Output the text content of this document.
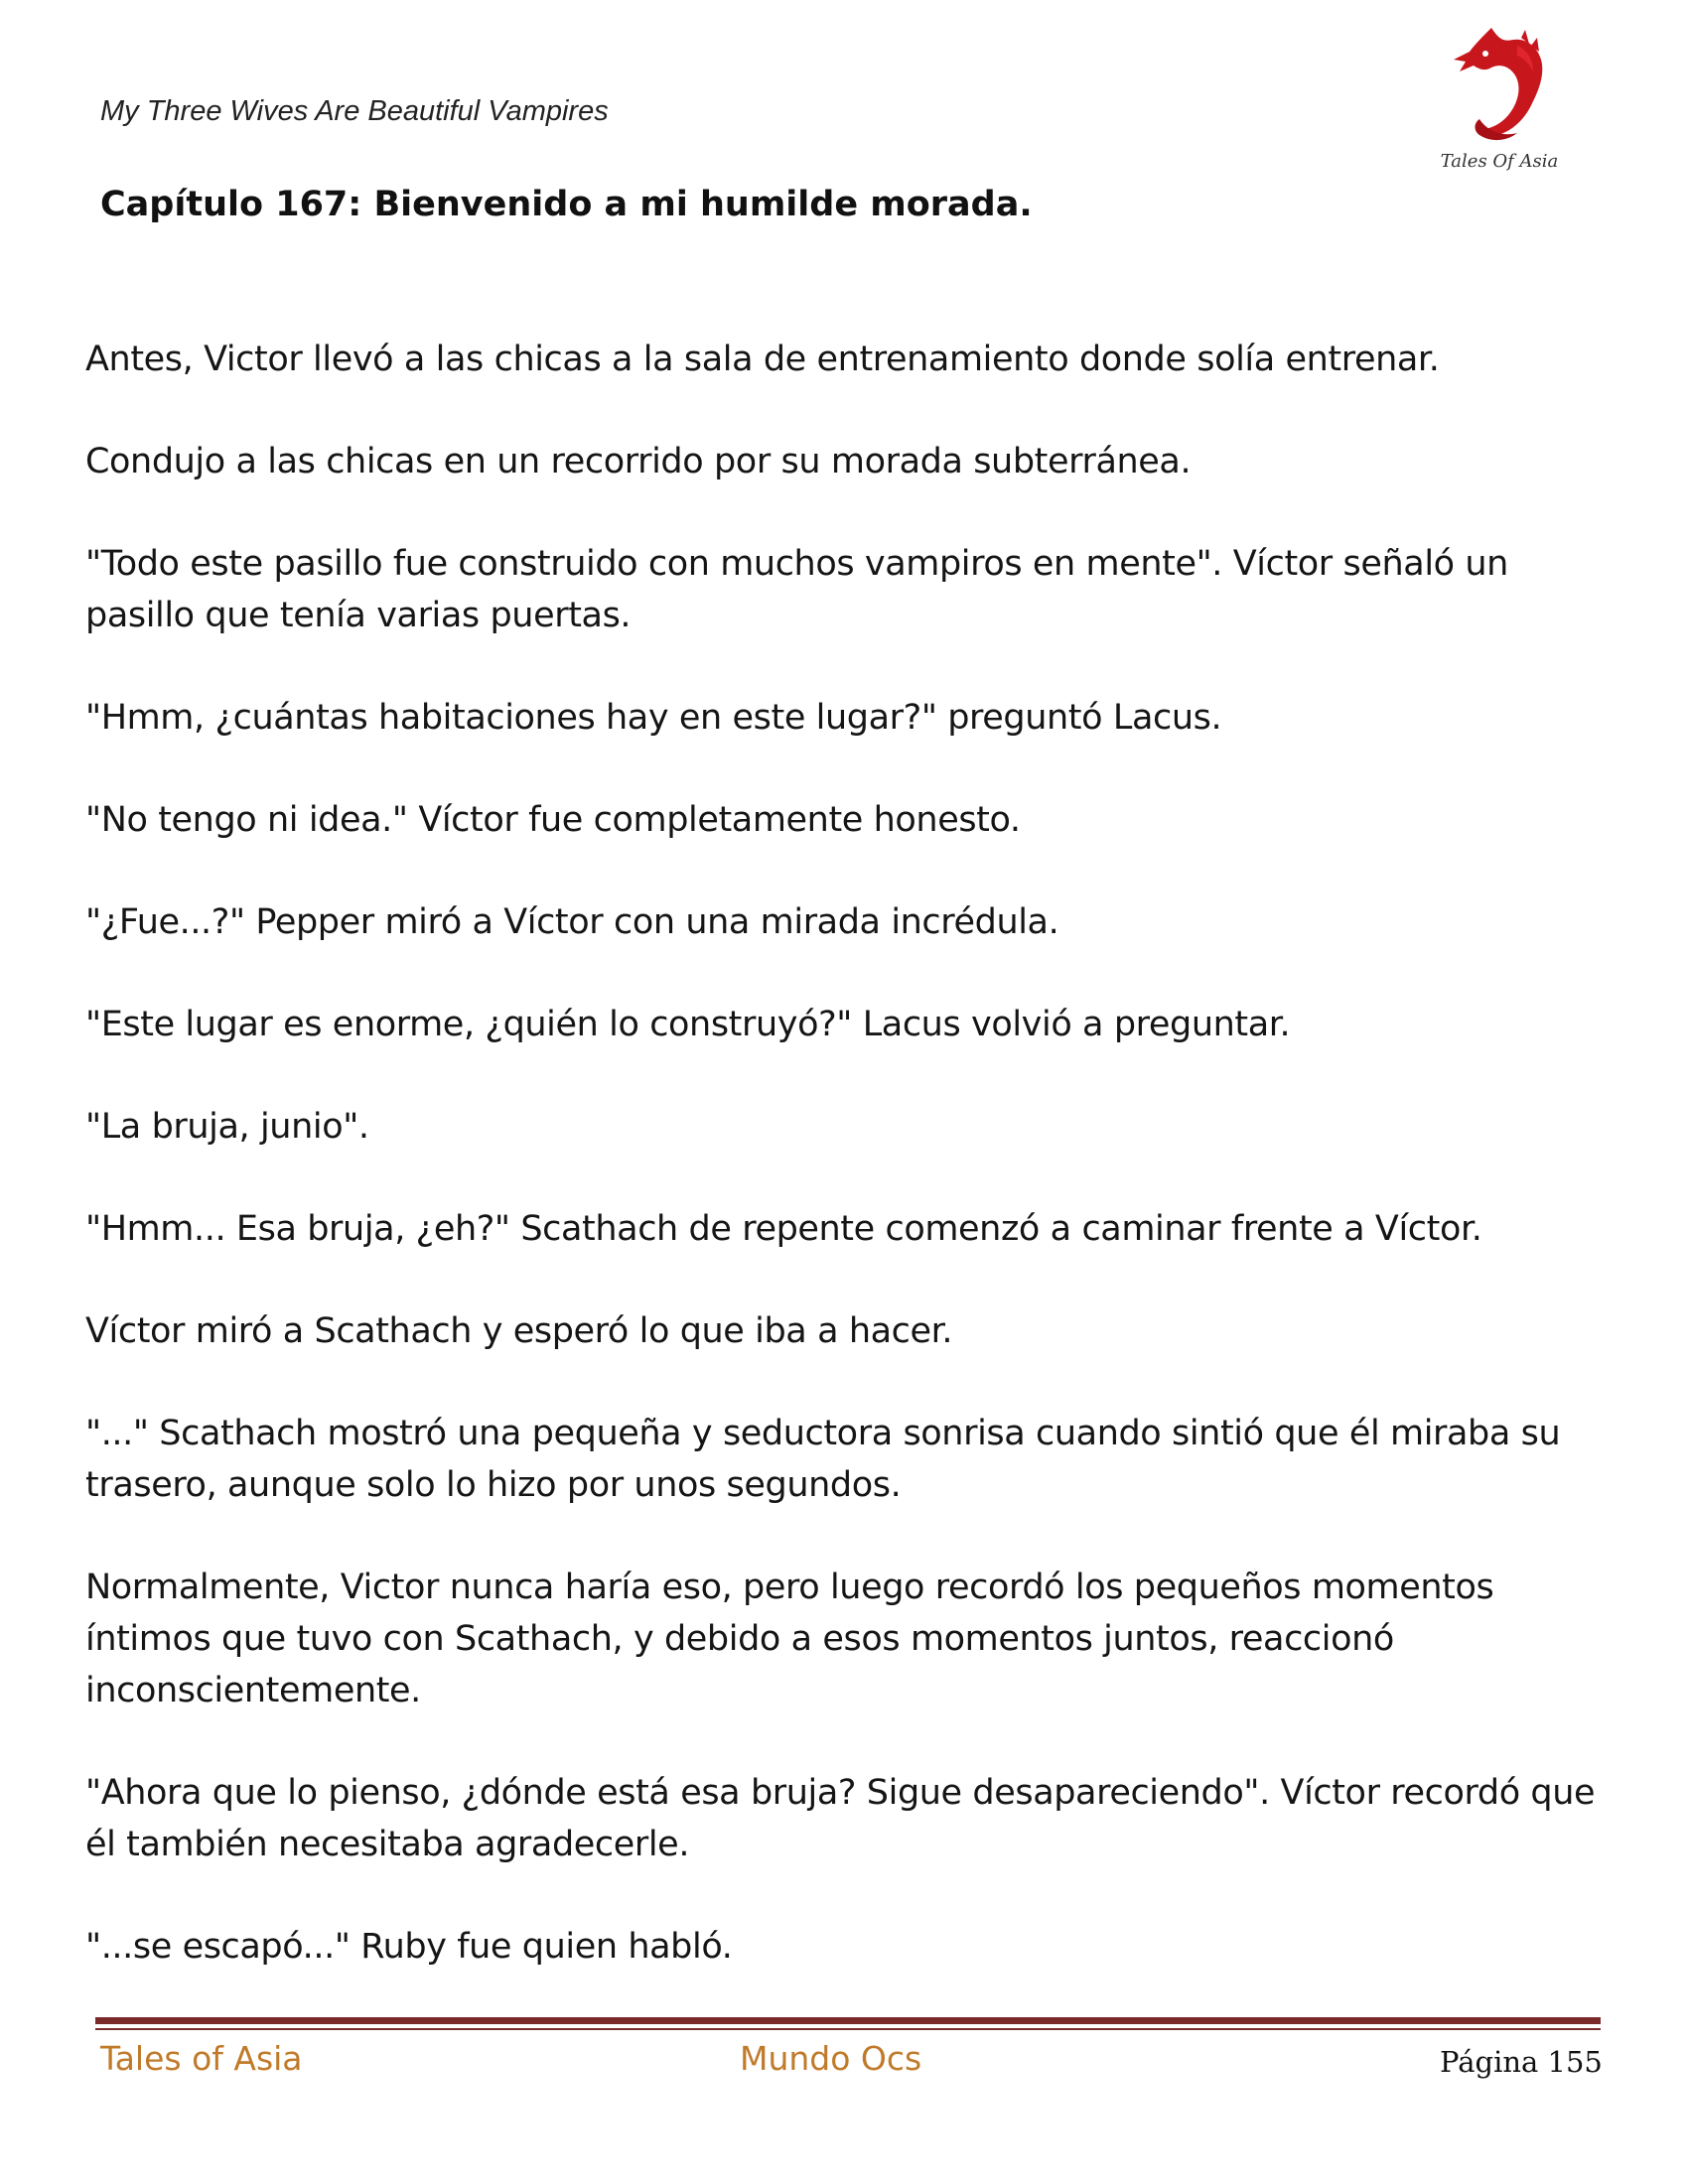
My Three Wives Are Beautiful Vampires

Tales Of Asia
Capítulo 167: Bienvenido a mi humilde morada.

Antes, Victor llevó a las chicas a la sala de entrenamiento donde solía entrenar.

Condujo a las chicas en un recorrido por su morada subterránea.

"Todo este pasillo fue construido con muchos vampiros en mente". Víctor señaló un pasillo que tenía varias puertas.

"Hmm, ¿cuántas habitaciones hay en este lugar?" preguntó Lacus.

"No tengo ni idea." Víctor fue completamente honesto.

"¿Fue...?" Pepper miró a Víctor con una mirada incrédula.

"Este lugar es enorme, ¿quién lo construyó?" Lacus volvió a preguntar.

"La bruja, junio".

"Hmm... Esa bruja, ¿eh?" Scathach de repente comenzó a caminar frente a Víctor.

Víctor miró a Scathach y esperó lo que iba a hacer.

"..." Scathach mostró una pequeña y seductora sonrisa cuando sintió que él miraba su trasero, aunque solo lo hizo por unos segundos.

Normalmente, Victor nunca haría eso, pero luego recordó los pequeños momentos íntimos que tuvo con Scathach, y debido a esos momentos juntos, reaccionó inconscientemente.

"Ahora que lo pienso, ¿dónde está esa bruja? Sigue desapareciendo". Víctor recordó que él también necesitaba agradecerle.

"...se escapó..." Ruby fue quien habló.

Tales of Asia	Mundo Ocs	Página 155
